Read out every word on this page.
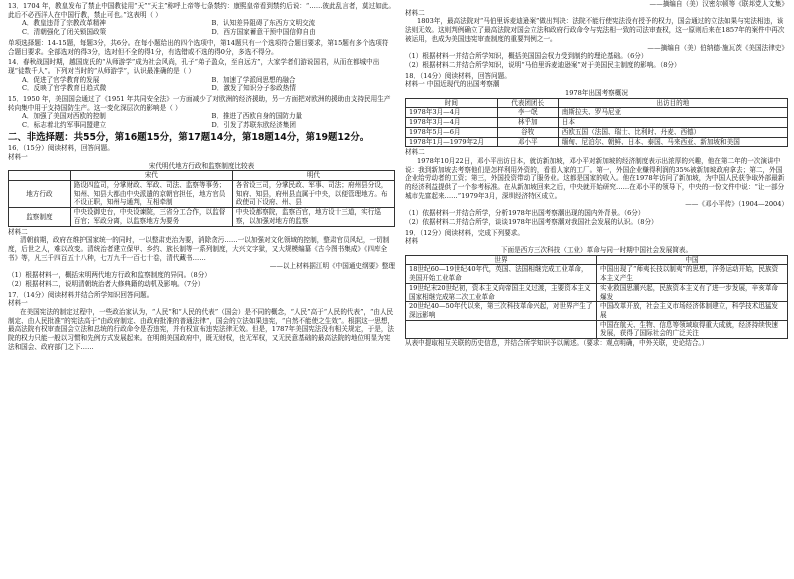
13．1704 年，教皇发布了禁止中国教徒用“天”“天主”称呼上帝等七条禁约：康熙皇帝看到禁约后说：“……彼此乱言者，莫过如此。此后不必西洋人在中国行教，禁止可也。”这表明（ ）

A．教皇违背了宗教改革精神	B．认知差异阻碍了东西方文明交流
C．清朝强化了闭关锁国政策	D．西方国家蓄意干预中国信仰自由

单项选择题：14-15题，每题3分，共6分。在每小题给出的四个选项中，第14题只有一个选项符合题目要求，第15题有多个选项符合题目要求。全部选对的得3分，选对但不全的得1分，有选错或不选的得0分，多选不得分。

14．春秋战国时期，越国庞氏的“从师游学”成为社会风尚，孔子“弟子盈众，至自远方”，大家学者们游说国君，从而在都城中出现“徒数千人”。下列对当时的“从师游学”，认识最准确的是（ ）

A．促进了官学教育的发展	B．加速了学派间思想的融合
C．反映了官学教育日趋式微	D．激发了知识分子参政热情

15．1950 年，美国国会通过了《1951 年共同安全法》一方面减少了对欧洲的经济援助，另一方面把对欧洲的援助由支持民用生产转向集中用于支持国防生产。这一变化深层次的影响是（ ）

A．加强了美国对西欧的控制	B．推进了西欧自身的国防力量
C．标志着北约军事同盟建立	D．引发了苏联东欧经济集团

二、非选择题：共55分，第16题15分，第17题14分，第18题14分，第19题12分。

16．（15分）阅读材料，回答问题。

材料一

宋代明代地方行政和监察制度比较表

	宋代	明代
地方行政	路设四监司，分掌财政、军政、司法、监察等事务；知州、知县大都由中央派遣的京朝官担任，地方官员不设正职，知州与通判，互相牵制	各省设三司，分掌民政、军事、司法；府州县分设，知府、知县，府州县直属于中央，以便管理地方。布政使司下设府、州、县
监察制度	中央设御史台，中央设谏院，三省分工合作，以监督百官；军政分离，以监察地方为要务	中央设都察院，监察百官，地方设十三道，实行巡察，以加强对地方的监察

材料二

清朝前期，政府在维护国家统一的同时，一以整肃吏治为要，消除贪污……一以加强对文化领域的控制，整肃官员风纪，一切制度，后世之人，难以改变。清统治者建立保甲、乡约、族长制等一系列制度，大兴文字狱，又大规模编纂《古今图书集成》《四库全书》等，凡三千四百五十八种，七万九千一百七十卷，清代藏书……

——以上材料据江明《中国通史纲要》整理

（1）根据材料一，概括宋明两代地方行政和监察制度的异同。（8分）

（2）根据材料二，说明清朝统治者大修典籍的动机及影响。（7分）

17．（14分）阅读材料并结合所学知识回答问题。

材料一

在美国宪法的制定过程中，一些政治家认为，“人民”和“人民的代表”（国会）是不同的概念，“人民”高于“人民的代表”，“由人民制定、由人民批准”的宪法高于“由政府制定、由政府批准的普通法律”，国会的立法如果违宪，“自然不能使之生效”。根据这一思想，最高法院有权审查国会立法和总统的行政命令是否违宪，并有权宣布违宪法律无效。但是，1787年美国宪法没有相关规定，于是，法院的权力只能一般以习惯和先例方式发展起来。在明朗美国政府中，既无财权，也无军权，又无民意基础的最高法院的地位明显为宪法和国会、政府部门之下……

——摘编自（美）汉密尔顿等《联邦党人文集》

材料二

1803年，最高法院对“马伯里诉麦迪逊案”做出判决：法院不能行使宪法没有授予的权力，国会通过的立法如果与宪法相违，该法则无效。这则判例确立了最高法院对国会立法和政府行政命令与宪法相一致的司法审查权，这一原则后来在1857年的案件中再次被运用，也成为美国违宪审查制度的重要判例之一。

——摘编自（美）伯纳德·施瓦茨《美国法律史》

（1）根据材料一并结合所学知识，概括美国国会权力受到制约的理论基础。（6分）

（2）根据材料二并结合所学知识，说明“马伯里诉麦迪逊案”对于美国民主制度的影响。（8分）

18．（14分）阅读材料，回答问题。

材料一 中国近现代的出国考察潮

1978年出国考察概况

时间	代表团团长	出访目的地
1978年3月—4月	李一氓	南斯拉夫、罗马尼亚
1978年3月—4月	林乎加	日本
1978年5月—6月	谷牧	西欧五国（法国、瑞士、比利时、丹麦、西德）
1978年1月—1979年2月	邓小平	缅甸、尼泊尔、朝鲜、日本、泰国、马来西亚、新加坡和美国

材料二

1978年10月22日，邓小平出访日本，就访新加坡，邓小平对新加坡的经济制度表示出浓厚的兴趣，他在第二年的一次演讲中说：我到新加坡去考察他们是怎样利用外资的，看看人家的工厂。第一，外国企业赚得利润的35%被新加坡政府拿去；第二，外国企业给劳动者的工资；第三，外国投资带动了服务业。这都是国家的收入。他在1978年访问了新加坡，为中国人民获争取外部最新的经济利益提供了一个参考标准。在从新加坡回来之后，中央就开始研究……在邓小平的领导下，中央的一份文件中说：“让一部分城市先富起来……”1979年3月，深圳经济特区成立。

——《邓小平传》（1904—2004）

（1）依据材料一并结合所学，分析1978年出国考察潮出现的国内外背景。（6分）

（2）依据材料二并结合所学，谈谈1978年出国考察潮对我国社会发展的认识。（8分）

19．（12分）阅读材料，完成下列要求。

材料

下面是西方三次科技（工业）革命与同一时期中国社会发展简表。

世界	中国
18世纪60—19世纪40年代，英国、法国相继完成工业革命，美国开始工业革命	中国出现了“师夷长技以制夷”的思想，洋务运动开始，民族资本主义产生
19世纪末20世纪初，资本主义向帝国主义过渡，主要资本主义国家相继完成第二次工业革命	实业救国思潮兴起，民族资本主义有了进一步发展，辛亥革命爆发
20世纪40—50年代以来，第三次科技革命兴起，对世界产生了深远影响	中国改革开放，社会主义市场经济体制建立，科学技术迅猛发展
	中国在航天、生物、信息等领域取得重大成就，经济持续快速发展，获得了国际社会的广泛关注

从表中提取相互关联的历史信息，并结合所学知识予以阐述。（要求：观点明确，中外关联，史论结合。）
